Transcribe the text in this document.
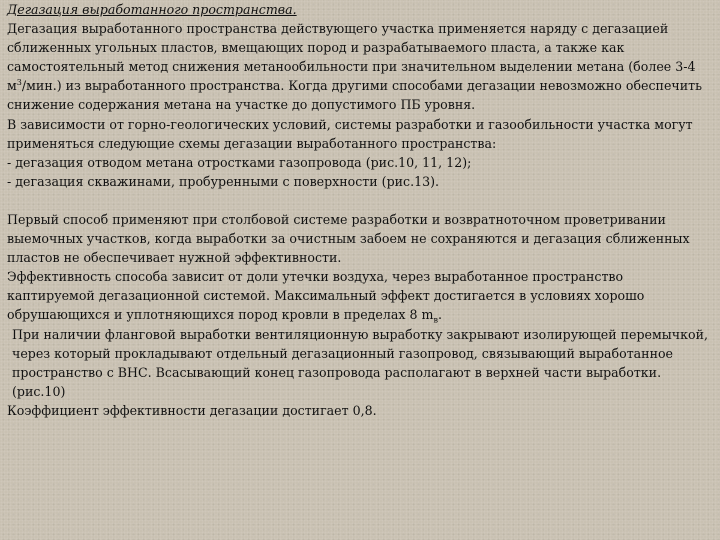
Дегазация выработанного пространства.

Дегазация выработанного пространства действующего участка применяется наряду с дегазацией сближенных угольных пластов, вмещающих пород и разрабатываемого пласта, а также как самостоятельный метод снижения метанообильности при значительном выделении метана (более 3-4 $м^3/мин$.) из выработанного пространства. Когда другими способами дегазации невозможно обеспечить снижение содержания метана на участке до допустимого ПБ уровня.

В зависимости от горно-геологических условий, системы разработки и газообильности участка могут применяться следующие схемы дегазации выработанного пространства:

- дегазация отводом метана отростками газопровода (рис.10, 11, 12);
- дегазация скважинами, пробуренными с поверхности (рис.13).

Первый способ применяют при столбовой системе разработки и возвратноточном проветривании выемочных участков, когда выработки за очистным забоем не сохраняются и дегазация сближенных пластов не обеспечивает нужной эффективности.

Эффективность способа зависит от доли утечки воздуха, через выработанное пространство каптируемой дегазационной системой. Максимальный эффект достигается в условиях хорошо обрушающихся и уплотняющихся пород кровли в пределах 8 $m_в$.

При наличии фланговой выработки вентиляционную выработку закрывают изолирующей перемычкой, через который прокладывают отдельный дегазационный газопровод, связывающий выработанное пространство с ВНС. Всасывающий конец газопровода располагают в верхней части выработки. (рис.10)

Коэффициент эффективности дегазации достигает 0,8.
